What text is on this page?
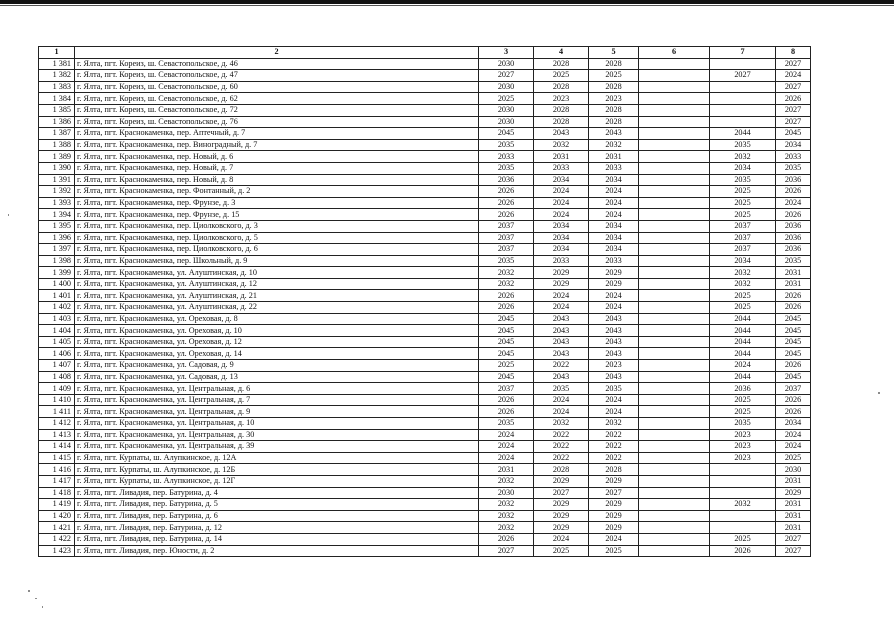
1	2	3	4	5	6	7	8
1 381	г. Ялта, пгт. Кореиз, ш. Севастопольское, д. 46	2030	2028	2028			2027
1 382	г. Ялта, пгт. Кореиз, ш. Севастопольское, д. 47	2027	2025	2025		2027	2024
1 383	г. Ялта, пгт. Кореиз, ш. Севастопольское, д. 60	2030	2028	2028			2027
1 384	г. Ялта, пгт. Кореиз, ш. Севастопольское, д. 62	2025	2023	2023			2026
1 385	г. Ялта, пгт. Кореиз, ш. Севастопольское, д. 72	2030	2028	2028			2027
1 386	г. Ялта, пгт. Кореиз, ш. Севастопольское, д. 76	2030	2028	2028			2027
1 387	г. Ялта, пгт. Краснокаменка, пер. Аптечный, д. 7	2045	2043	2043		2044	2045
1 388	г. Ялта, пгт. Краснокаменка, пер. Виноградный, д. 7	2035	2032	2032		2035	2034
1 389	г. Ялта, пгт. Краснокаменка, пер. Новый, д. 6	2033	2031	2031		2032	2033
1 390	г. Ялта, пгт. Краснокаменка, пер. Новый, д. 7	2035	2033	2033		2034	2035
1 391	г. Ялта, пгт. Краснокаменка, пер. Новый, д. 8	2036	2034	2034		2035	2036
1 392	г. Ялта, пгт. Краснокаменка, пер. Фонтанный, д. 2	2026	2024	2024		2025	2026
1 393	г. Ялта, пгт. Краснокаменка, пер. Фрунзе, д. 3	2026	2024	2024		2025	2024
1 394	г. Ялта, пгт. Краснокаменка, пер. Фрунзе, д. 15	2026	2024	2024		2025	2026
1 395	г. Ялта, пгт. Краснокаменка, пер. Циолковского, д. 3	2037	2034	2034		2037	2036
1 396	г. Ялта, пгт. Краснокаменка, пер. Циолковского, д. 5	2037	2034	2034		2037	2036
1 397	г. Ялта, пгт. Краснокаменка, пер. Циолковского, д. 6	2037	2034	2034		2037	2036
1 398	г. Ялта, пгт. Краснокаменка, пер. Школьный, д. 9	2035	2033	2033		2034	2035
1 399	г. Ялта, пгт. Краснокаменка, ул. Алуштинская, д. 10	2032	2029	2029		2032	2031
1 400	г. Ялта, пгт. Краснокаменка, ул. Алуштинская, д. 12	2032	2029	2029		2032	2031
1 401	г. Ялта, пгт. Краснокаменка, ул. Алуштинская, д. 21	2026	2024	2024		2025	2026
1 402	г. Ялта, пгт. Краснокаменка, ул. Алуштинская, д. 22	2026	2024	2024		2025	2026
1 403	г. Ялта, пгт. Краснокаменка, ул. Ореховая, д. 8	2045	2043	2043		2044	2045
1 404	г. Ялта, пгт. Краснокаменка, ул. Ореховая, д. 10	2045	2043	2043		2044	2045
1 405	г. Ялта, пгт. Краснокаменка, ул. Ореховая, д. 12	2045	2043	2043		2044	2045
1 406	г. Ялта, пгт. Краснокаменка, ул. Ореховая, д. 14	2045	2043	2043		2044	2045
1 407	г. Ялта, пгт. Краснокаменка, ул. Садовая, д. 9	2025	2022	2023		2024	2026
1 408	г. Ялта, пгт. Краснокаменка, ул. Садовая, д. 13	2045	2043	2043		2044	2045
1 409	г. Ялта, пгт. Краснокаменка, ул. Центральная, д. 6	2037	2035	2035		2036	2037
1 410	г. Ялта, пгт. Краснокаменка, ул. Центральная, д. 7	2026	2024	2024		2025	2026
1 411	г. Ялта, пгт. Краснокаменка, ул. Центральная, д. 9	2026	2024	2024		2025	2026
1 412	г. Ялта, пгт. Краснокаменка, ул. Центральная, д. 10	2035	2032	2032		2035	2034
1 413	г. Ялта, пгт. Краснокаменка, ул. Центральная, д. 30	2024	2022	2022		2023	2024
1 414	г. Ялта, пгт. Краснокаменка, ул. Центральная, д. 39	2024	2022	2022		2023	2024
1 415	г. Ялта, пгт. Курпаты, ш. Алупкинское, д. 12А	2024	2022	2022		2023	2025
1 416	г. Ялта, пгт. Курпаты, ш. Алупкинское, д. 12Б	2031	2028	2028			2030
1 417	г. Ялта, пгт. Курпаты, ш. Алупкинское, д. 12Г	2032	2029	2029			2031
1 418	г. Ялта, пгт. Ливадия, пер. Батурина, д. 4	2030	2027	2027			2029
1 419	г. Ялта, пгт. Ливадия, пер. Батурина, д. 5	2032	2029	2029		2032	2031
1 420	г. Ялта, пгт. Ливадия, пер. Батурина, д. 6	2032	2029	2029			2031
1 421	г. Ялта, пгт. Ливадия, пер. Батурина, д. 12	2032	2029	2029			2031
1 422	г. Ялта, пгт. Ливадия, пер. Батурина, д. 14	2026	2024	2024		2025	2027
1 423	г. Ялта, пгт. Ливадия, пер. Юности, д. 2	2027	2025	2025		2026	2027
